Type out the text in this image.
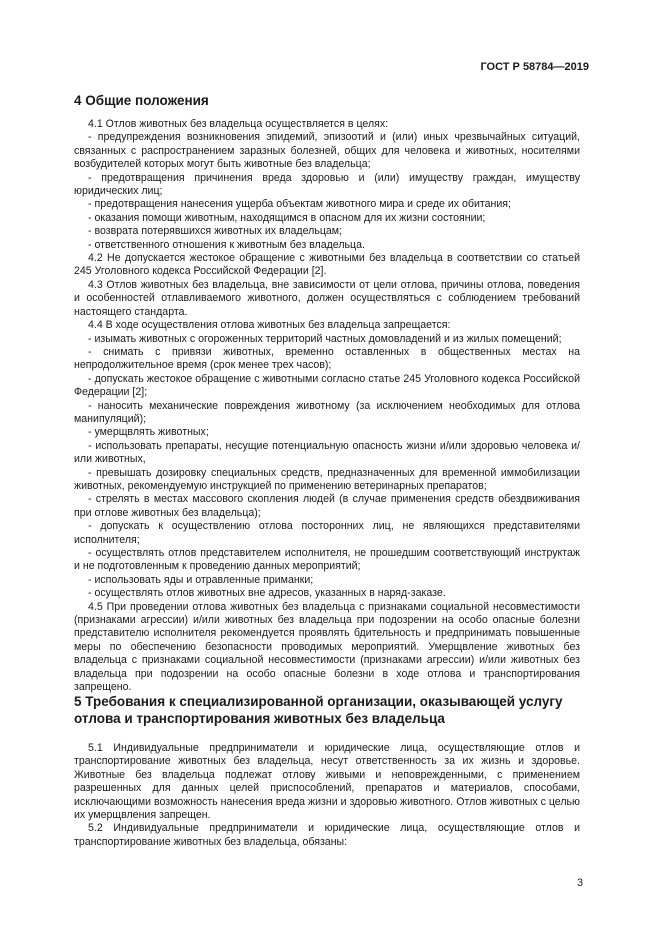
ГОСТ Р 58784—2019
4 Общие положения

4.1 Отлов животных без владельца осуществляется в целях:

- предупреждения возникновения эпидемий, эпизоотий и (или) иных чрезвычайных ситуаций, связанных с распространением заразных болезней, общих для человека и животных, носителями возбудителей которых могут быть животные без владельца;

- предотвращения причинения вреда здоровью и (или) имуществу граждан, имуществу юридических лиц;

- предотвращения нанесения ущерба объектам животного мира и среде их обитания;

- оказания помощи животным, находящимся в опасном для их жизни состоянии;

- возврата потерявшихся животных их владельцам;

- ответственного отношения к животным без владельца.

4.2 Не допускается жестокое обращение с животными без владельца в соответствии со статьей 245 Уголовного кодекса Российской Федерации [2].

4.3 Отлов животных без владельца, вне зависимости от цели отлова, причины отлова, поведения и особенностей отлавливаемого животного, должен осуществляться с соблюдением требований настоящего стандарта.

4.4 В ходе осуществления отлова животных без владельца запрещается:

- изымать животных с огороженных территорий частных домовладений и из жилых помещений;

- снимать с привязи животных, временно оставленных в общественных местах на непродолжительное время (срок менее трех часов);

- допускать жестокое обращение с животными согласно статье 245 Уголовного кодекса Российской Федерации [2];

- наносить механические повреждения животному (за исключением необходимых для отлова манипуляций);

- умерщвлять животных;

- использовать препараты, несущие потенциальную опасность жизни и/или здоровью человека и/или животных,

- превышать дозировку специальных средств, предназначенных для временной иммобилизации животных, рекомендуемую инструкцией по применению ветеринарных препаратов;

- стрелять в местах массового скопления людей (в случае применения средств обездвиживания при отлове животных без владельца);

- допускать к осуществлению отлова посторонних лиц, не являющихся представителями исполнителя;

- осуществлять отлов представителем исполнителя, не прошедшим соответствующий инструктаж и не подготовленным к проведению данных мероприятий;

- использовать яды и отравленные приманки;

- осуществлять отлов животных вне адресов, указанных в наряд-заказе.

4.5 При проведении отлова животных без владельца с признаками социальной несовместимости (признаками агрессии) и/или животных без владельца при подозрении на особо опасные болезни представителю исполнителя рекомендуется проявлять бдительность и предпринимать повышенные меры по обеспечению безопасности проводимых мероприятий. Умерщвление животных без владельца с признаками социальной несовместимости (признаками агрессии) и/или животных без владельца при подозрении на особо опасные болезни в ходе отлова и транспортирования запрещено.

5 Требования к специализированной организации, оказывающей услугу отлова и транспортирования животных без владельца

5.1 Индивидуальные предприниматели и юридические лица, осуществляющие отлов и транспортирование животных без владельца, несут ответственность за их жизнь и здоровье. Животные без владельца подлежат отлову живыми и неповрежденными, с применением разрешенных для данных целей приспособлений, препаратов и материалов, способами, исключающими возможность нанесения вреда жизни и здоровью животного. Отлов животных с целью их умерщвления запрещен.

5.2 Индивидуальные предприниматели и юридические лица, осуществляющие отлов и транспортирование животных без владельца, обязаны:

3
